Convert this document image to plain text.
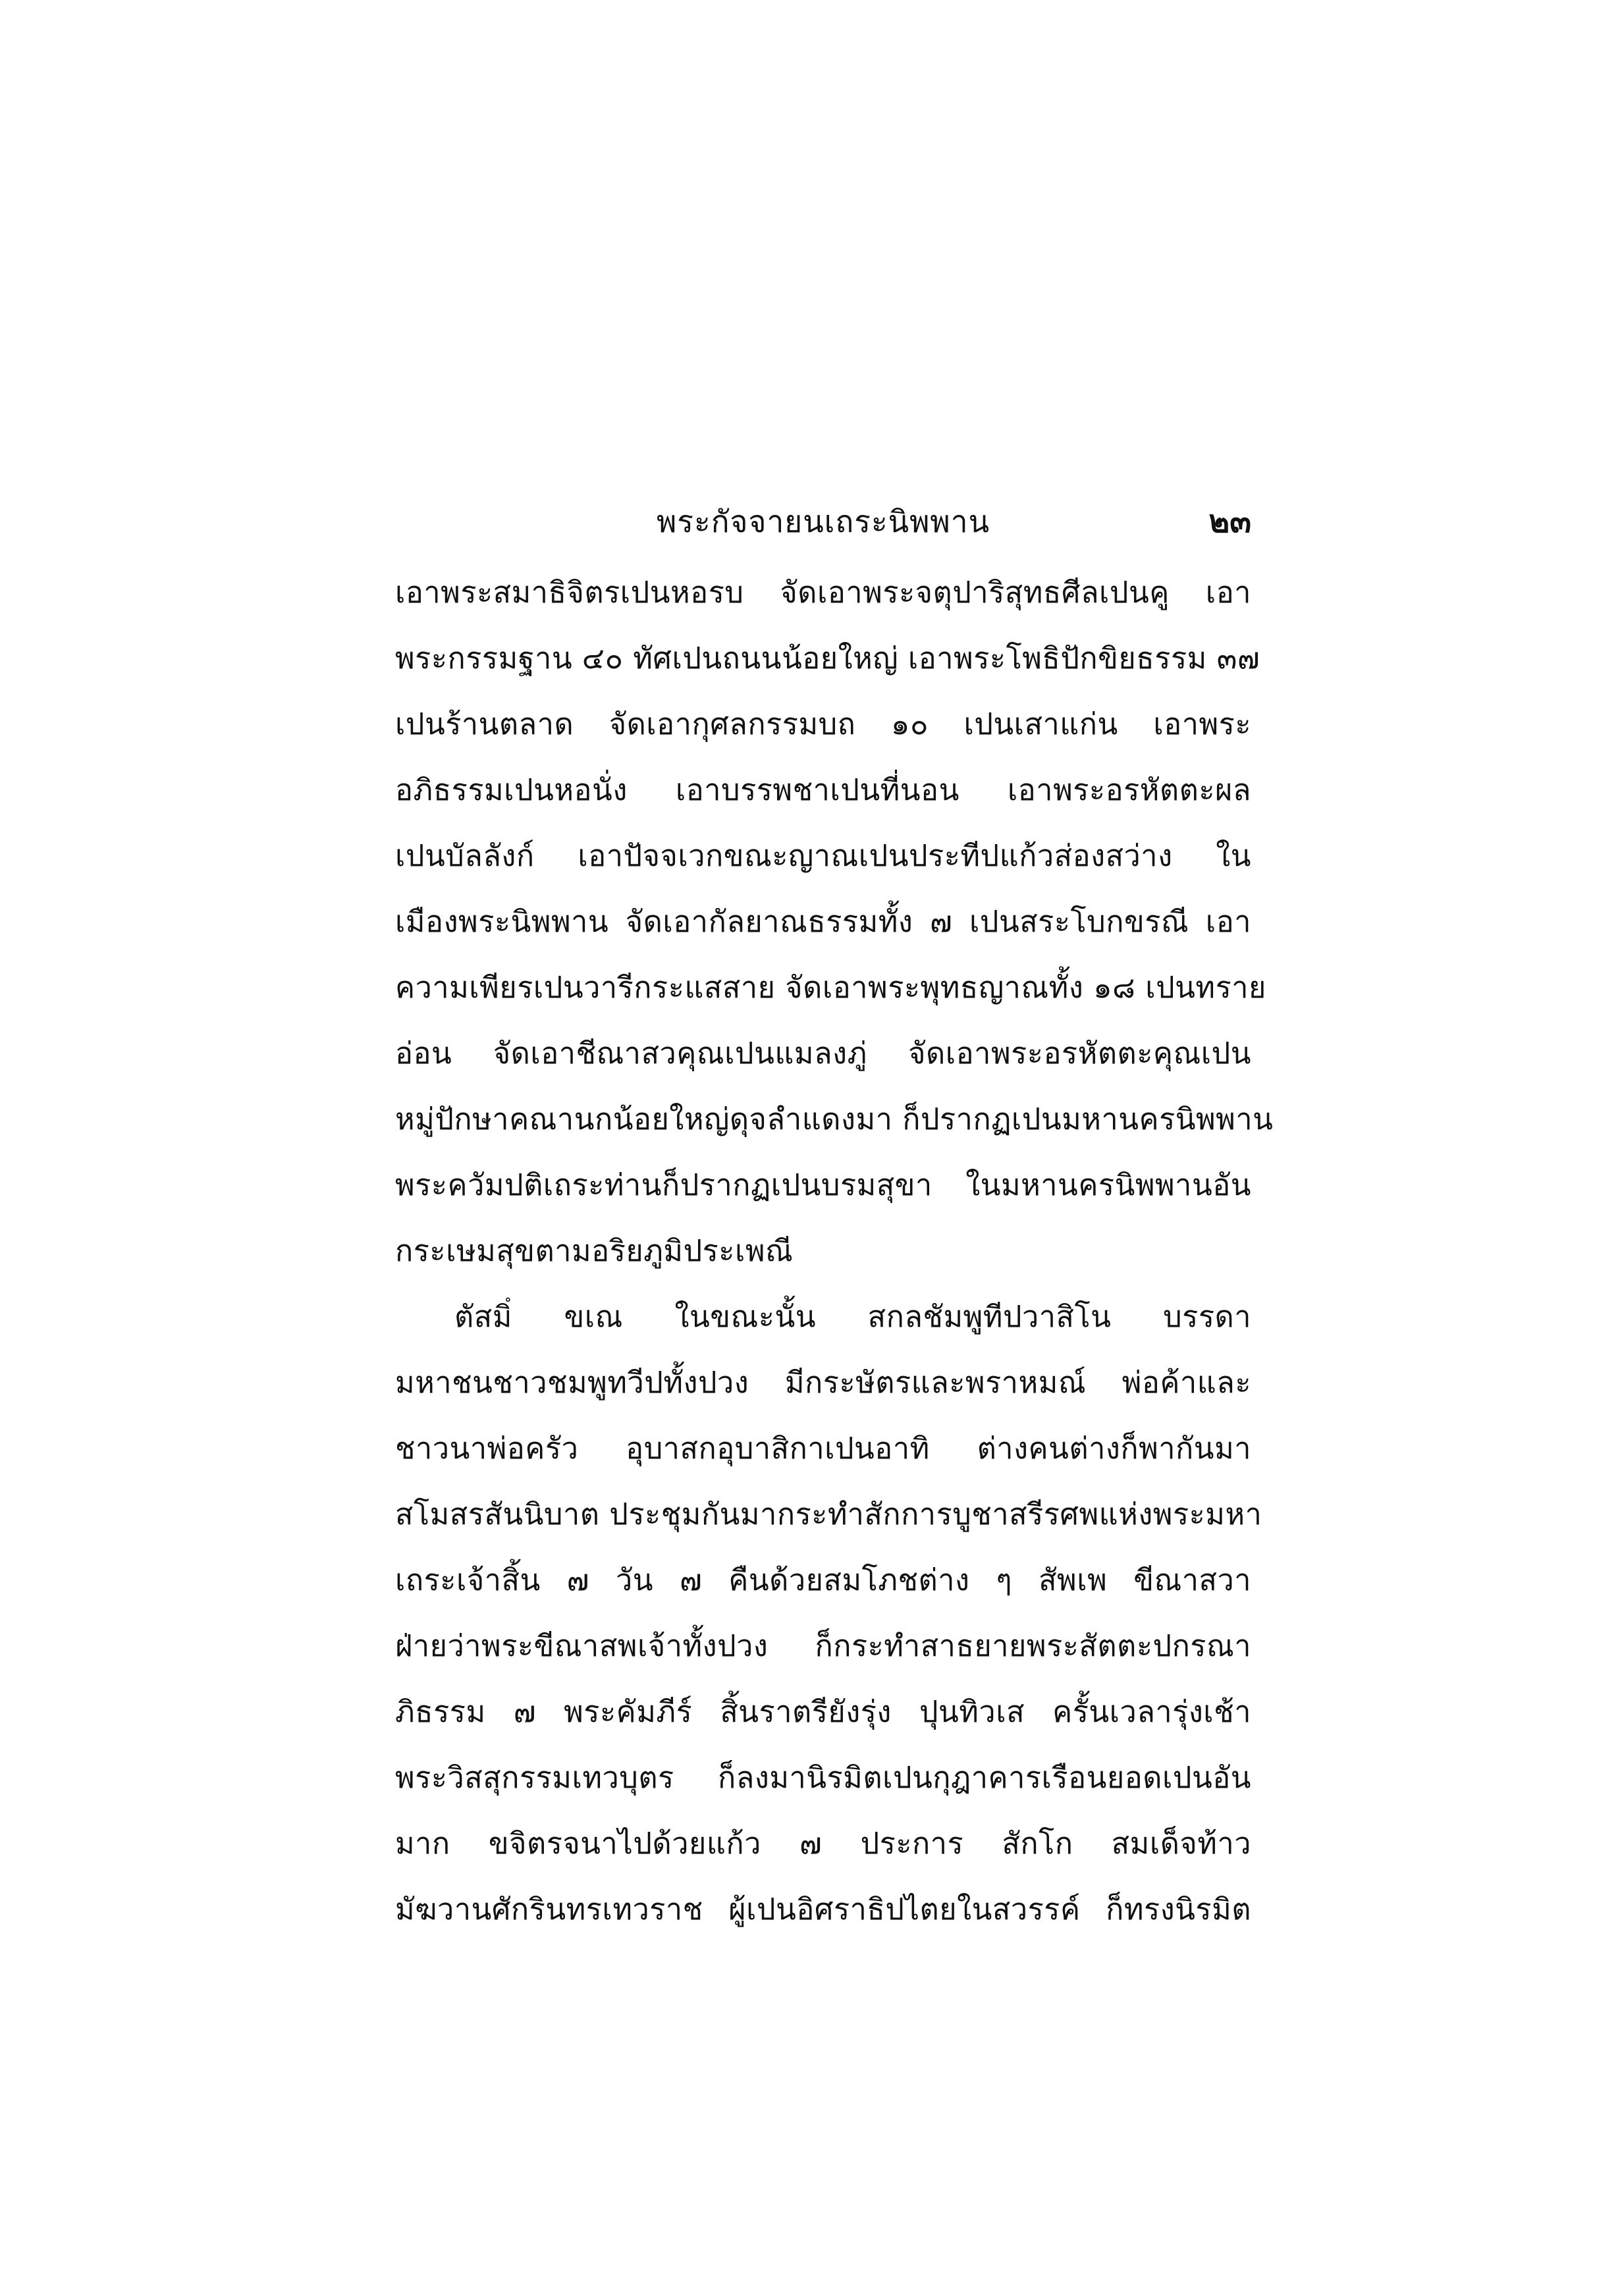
พระกัจจายนเถระนิพพาน	๒๓
เอาพระสมาธิจิตรเปนหอรบ จัดเอาพระจตุปาริสุทธศีลเปนคู เอา
พระกรรมฐาน ๔๐ ทัศเปนถนนน้อยใหญ่ เอาพระโพธิปักขิยธรรม ๓๗
เปนร้านตลาด จัดเอากุศลกรรมบถ ๑๐ เปนเสาแก่น เอาพระ
อภิธรรมเปนหอนั่ง เอาบรรพชาเปนที่นอน เอาพระอรหัตตะผล
เปนบัลลังก์ เอาปัจจเวกขณะญาณเปนประทีปแก้วส่องสว่าง ใน
เมืองพระนิพพาน จัดเอากัลยาณธรรมทั้ง ๗ เปนสระโบกขรณี เอา
ความเพียรเปนวารีกระแสสาย จัดเอาพระพุทธญาณทั้ง ๑๘ เปนทราย
อ่อน จัดเอาชีณาสวคุณเปนแมลงภู่ จัดเอาพระอรหัตตะคุณเปน
หมู่ปักษาคณานกน้อยใหญ่ดุจลำแดงมา ก็ปรากฏเปนมหานครนิพพาน
พระควัมปติเถระท่านก็ปรากฏเปนบรมสุขา ในมหานครนิพพานอัน
กระเษมสุขตามอริยภูมิประเพณี
ตัสมิํ ขเณ ในขณะนั้น สกลชัมพูทีปวาสิโน บรรดา
มหาชนชาวชมพูทวีปทั้งปวง มีกระษัตรและพราหมณ์ พ่อค้าและ
ชาวนาพ่อครัว อุบาสกอุบาสิกาเปนอาทิ ต่างคนต่างก็พากันมา
สโมสรสันนิบาต ประชุมกันมากระทำสักการบูชาสรีรศพแห่งพระมหา
เถระเจ้าสิ้น ๗ วัน ๗ คืนด้วยสมโภชต่าง ๆ สัพเพ ขีณาสวา
ฝ่ายว่าพระขีณาสพเจ้าทั้งปวง ก็กระทำสาธยายพระสัตตะปกรณา
ภิธรรม ๗ พระคัมภีร์ สิ้นราตรียังรุ่ง ปุนทิวเส ครั้นเวลารุ่งเช้า
พระวิสสุกรรมเทวบุตร ก็ลงมานิรมิตเปนกุฎาคารเรือนยอดเปนอัน
มาก ขจิตรจนาไปด้วยแก้ว ๗ ประการ สักโก สมเด็จท้าว
มัฆวานศักรินทรเทวราช ผู้เปนอิศราธิปไตยในสวรรค์ ก็ทรงนิรมิต
